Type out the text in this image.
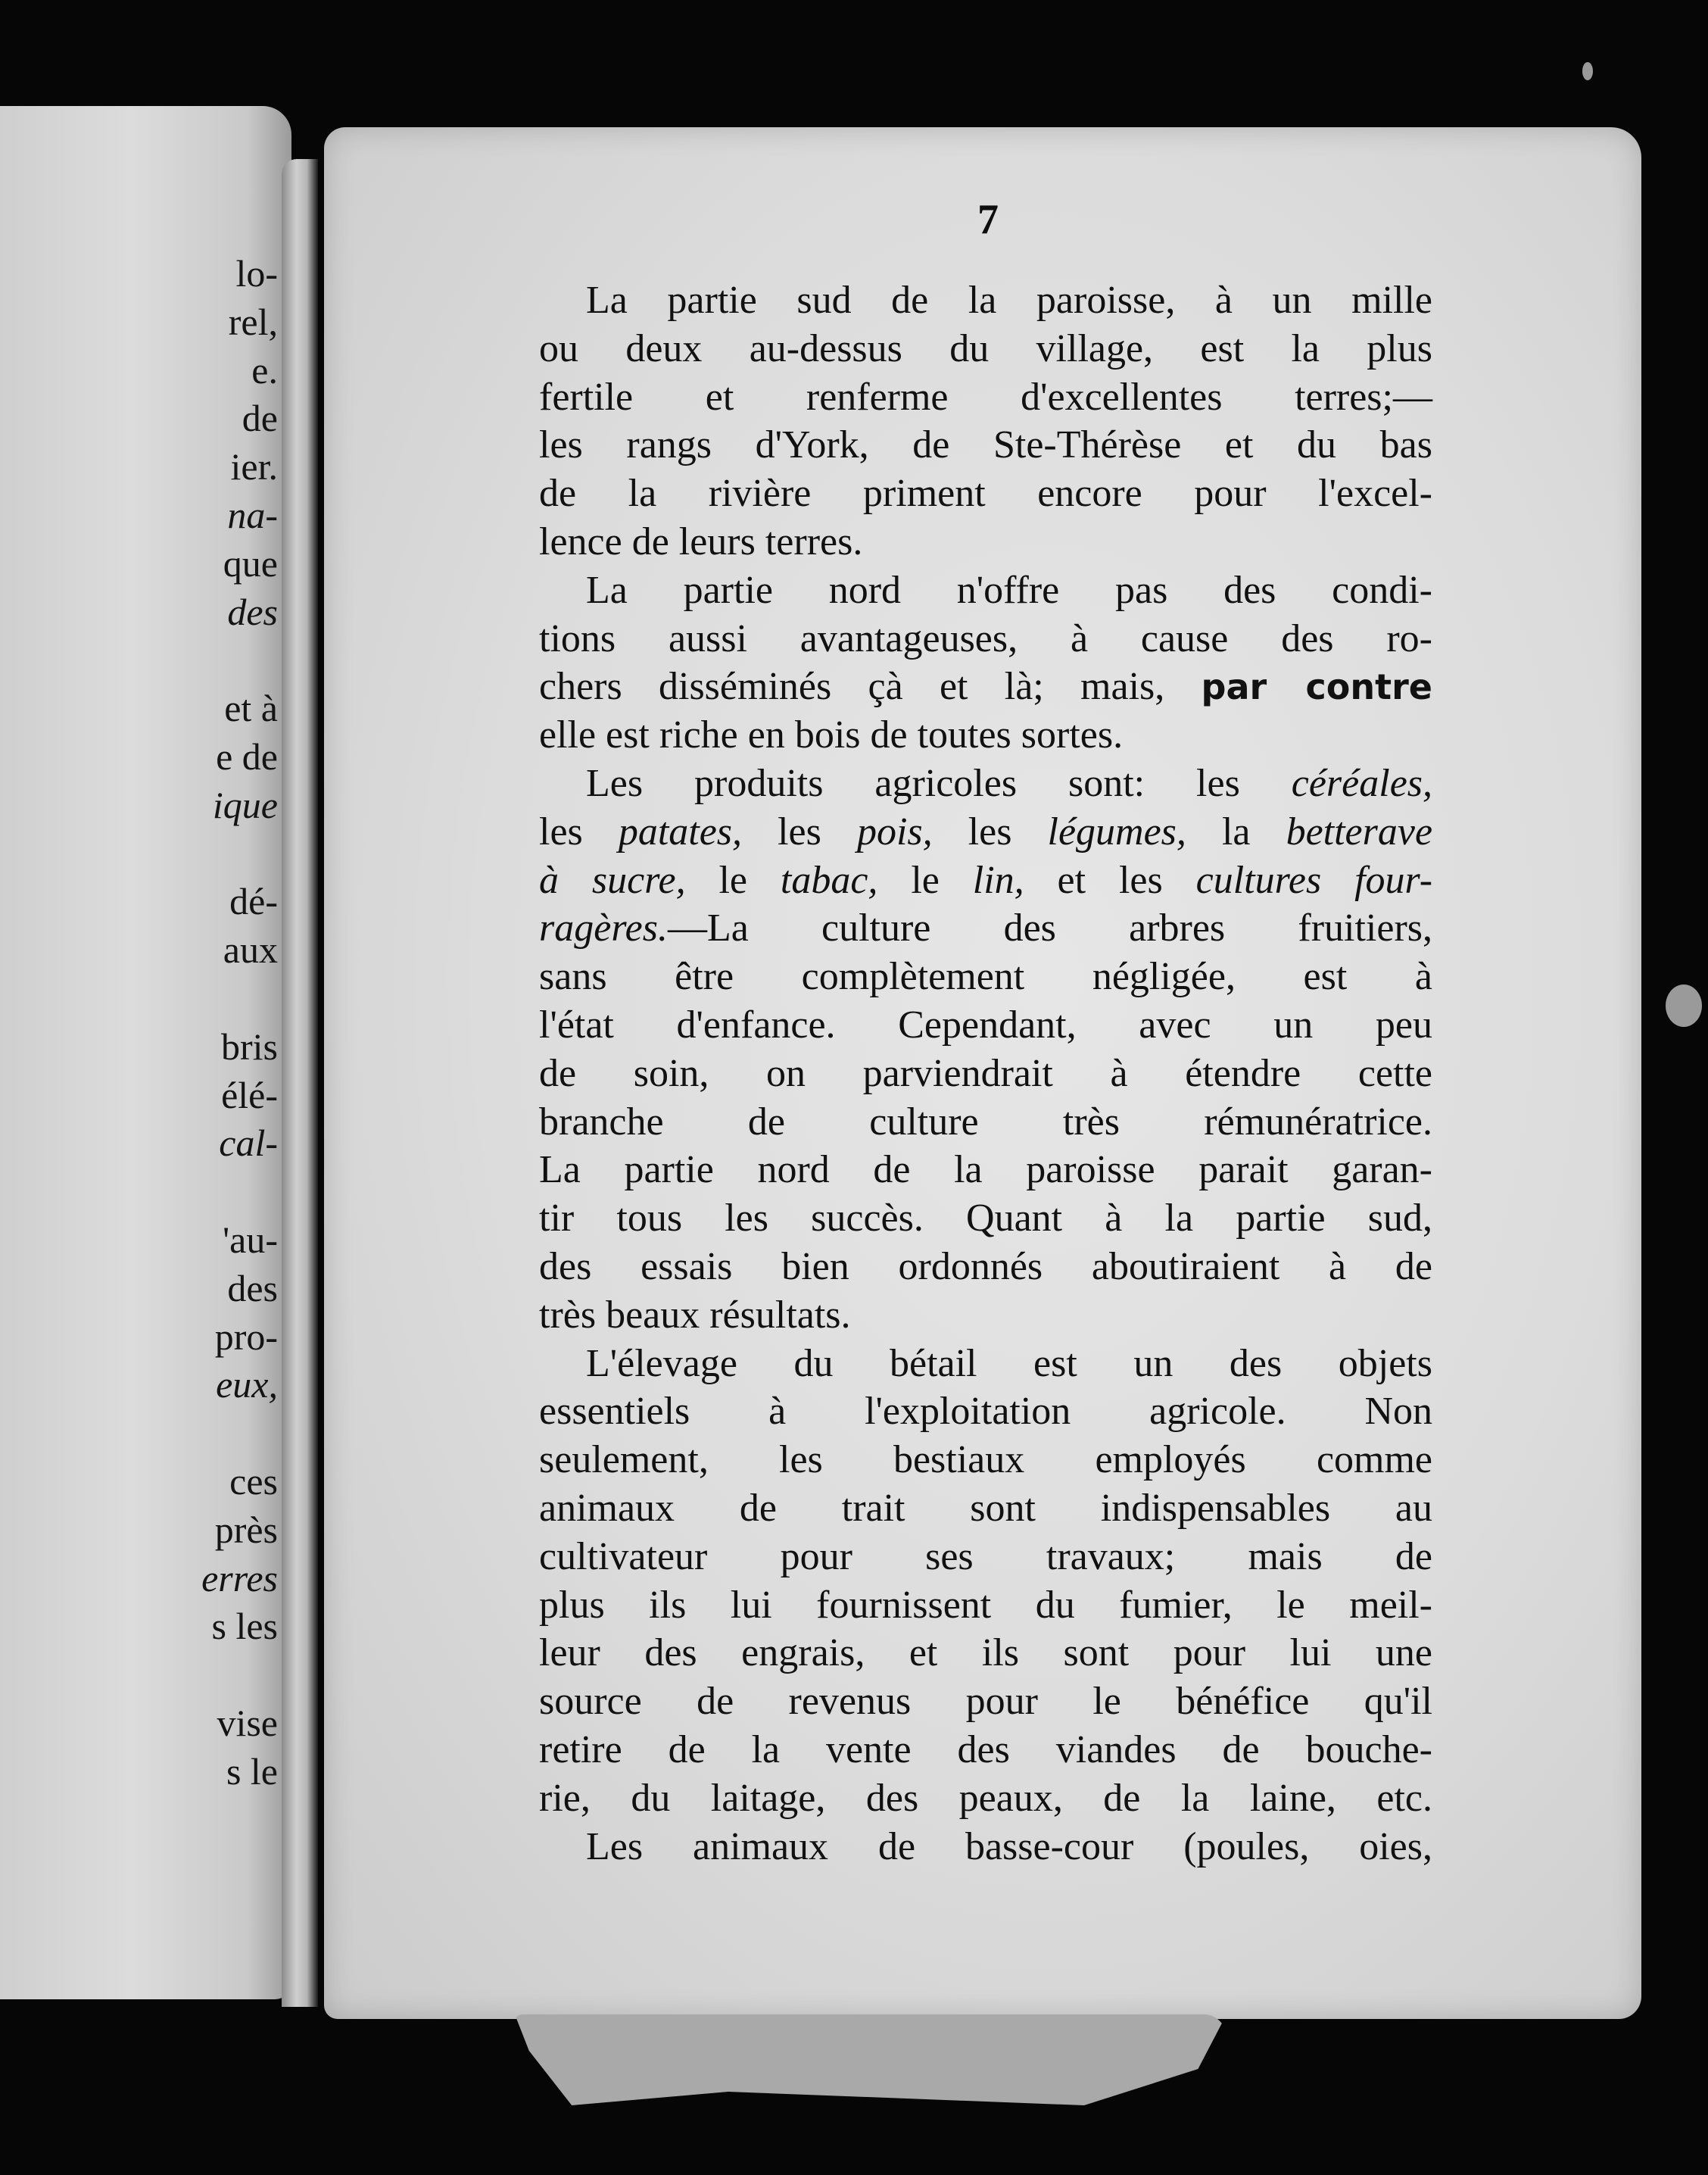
lo-
rel,
e.
de
ier.
na-
que
des
et à
e de
ique
dé-
aux
bris
élé-
cal-
'au-
des
pro-
eux,
ces
près
erres
s les
vise
s le
7
La partie sud de la paroisse, à un mille
ou deux au-dessus du village, est la plus
fertile et renferme d'excellentes terres;—
les rangs d'York, de Ste-Thérèse et du bas
de la rivière priment encore pour l'excel-
lence de leurs terres.
La partie nord n'offre pas des condi-
tions aussi avantageuses, à cause des ro-
chers disséminés çà et là; mais, par contre
elle est riche en bois de toutes sortes.
Les produits agricoles sont: les céréales,
les patates, les pois, les légumes, la betterave
à sucre, le tabac, le lin, et les cultures four-
ragères.—La culture des arbres fruitiers,
sans être complètement négligée, est à
l'état d'enfance. Cependant, avec un peu
de soin, on parviendrait à étendre cette
branche de culture très rémunératrice.
La partie nord de la paroisse parait garan-
tir tous les succès. Quant à la partie sud,
des essais bien ordonnés aboutiraient à de
très beaux résultats.
L'élevage du bétail est un des objets
essentiels à l'exploitation agricole. Non
seulement, les bestiaux employés comme
animaux de trait sont indispensables au
cultivateur pour ses travaux; mais de
plus ils lui fournissent du fumier, le meil-
leur des engrais, et ils sont pour lui une
source de revenus pour le bénéfice qu'il
retire de la vente des viandes de bouche-
rie, du laitage, des peaux, de la laine, etc.
Les animaux de basse-cour (poules, oies,
